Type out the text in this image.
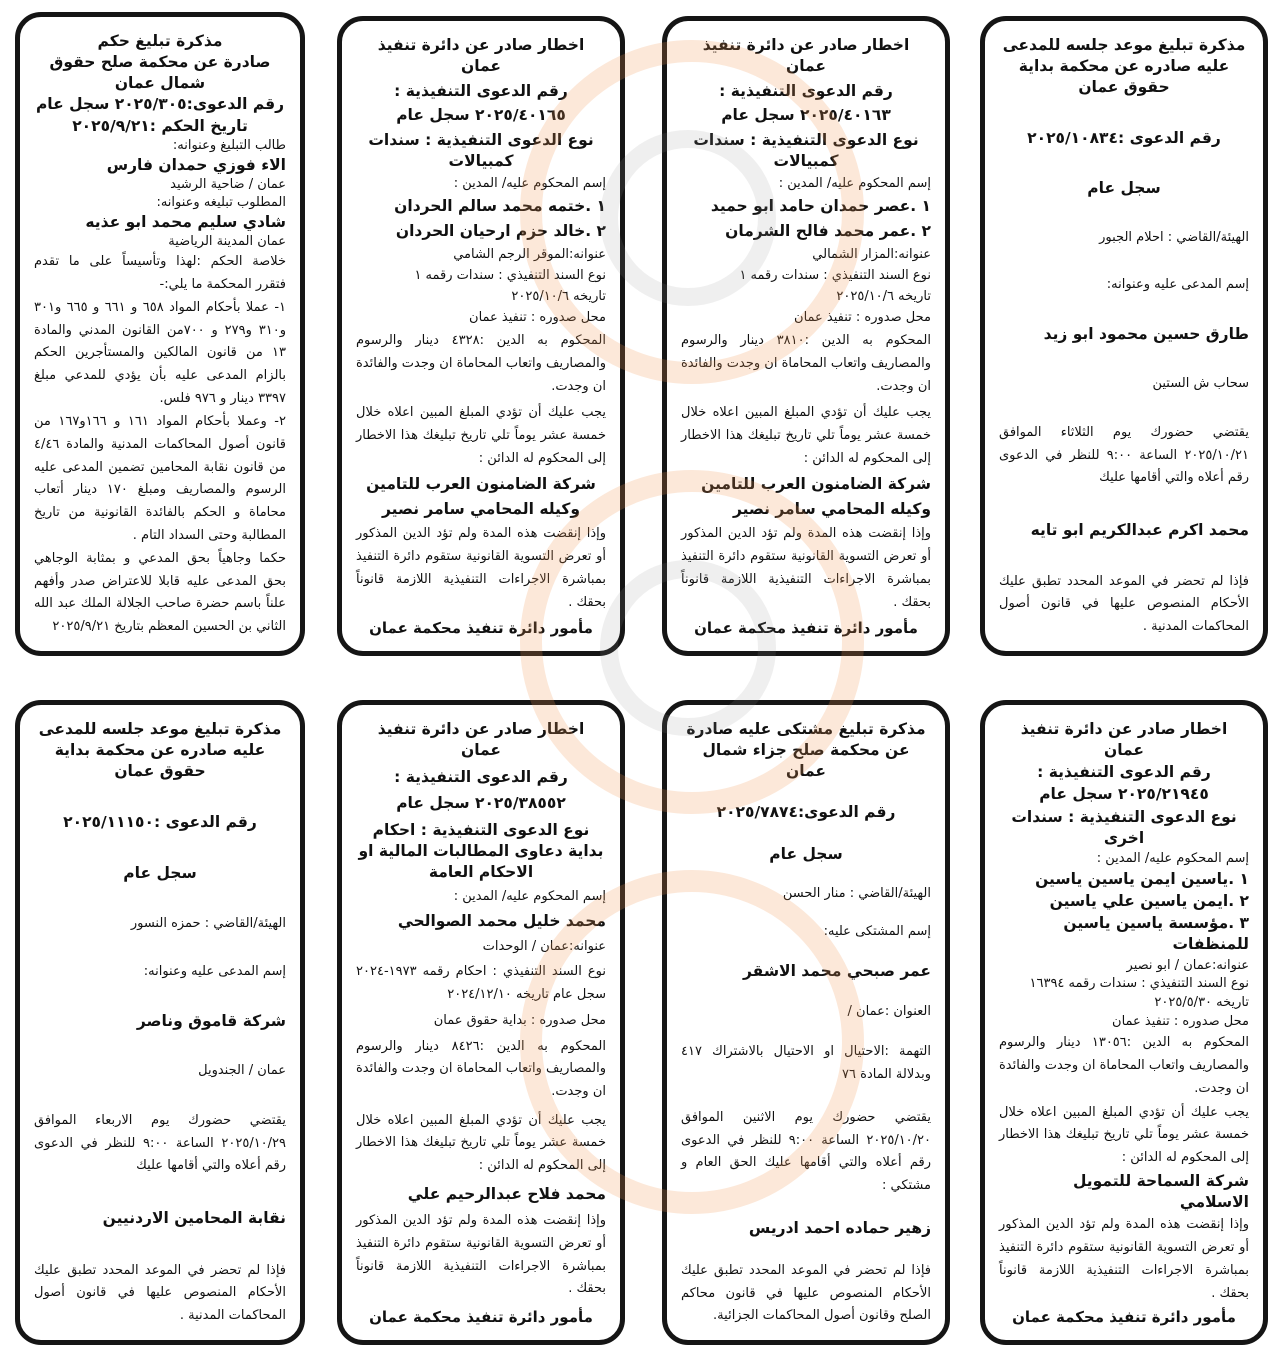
مذكرة تبليغ موعد جلسه للمدعى عليه صادره عن محكمة بداية حقوق عمان
رقم الدعوى :٢٠٢٥/١٠٨٣٤
سجل عام
الهيئة/القاضي : احلام الجبور
إسم المدعى عليه وعنوانه:
طارق حسين محمود ابو زيد
سحاب ش الستين
يقتضي حضورك يوم الثلاثاء الموافق ٢٠٢٥/١٠/٢١ الساعة ٩:٠٠ للنظر في الدعوى رقم أعلاه والتي أقامها عليك
محمد اكرم عبدالكريم ابو تايه
فإذا لم تحضر في الموعد المحدد تطبق عليك الأحكام المنصوص عليها في قانون أصول المحاكمات المدنية .
اخطار صادر عن دائرة تنفيذ عمان
رقم الدعوى التنفيذية :
٢٠٢٥/٤٠١٦٣ سجل عام
نوع الدعوى التنفيذية : سندات كمبيالات
إسم المحكوم عليه/ المدين :
١ .عصر حمدان حامد ابو حميد
٢ .عمر محمد فالح الشرمان
عنوانه:المزار الشمالي
نوع السند التنفيذي : سندات رقمه ١
تاريخه ٢٠٢٥/١٠/٦
محل صدوره : تنفيذ عمان
المحكوم به الدين :٣٨١٠ دينار والرسوم والمصاريف واتعاب المحاماة ان وجدت والفائدة ان وجدت.
يجب عليك أن تؤدي المبلغ المبين اعلاه خلال خمسة عشر يوماً تلي تاريخ تبليغك هذا الاخطار إلى المحكوم له الدائن :
شركة الضامنون العرب للتامين
وكيله المحامي سامر نصير
وإذا إنقضت هذه المدة ولم تؤد الدين المذكور أو تعرض التسوية القانونية ستقوم دائرة التنفيذ بمباشرة الاجراءات التنفيذية اللازمة قانوناً بحقك .
مأمور دائرة تنفيذ محكمة عمان
اخطار صادر عن دائرة تنفيذ عمان
رقم الدعوى التنفيذية :
٢٠٢٥/٤٠١٦٥ سجل عام
نوع الدعوى التنفيذية : سندات كمبيالات
إسم المحكوم عليه/ المدين :
١ .ختمه محمد سالم الحردان
٢ .خالد حزم ارحيان الحردان
عنوانه:الموقر الرجم الشامي
نوع السند التنفيذي : سندات رقمه ١
تاريخه ٢٠٢٥/١٠/٦
محل صدوره : تنفيذ عمان
المحكوم به الدين :٤٣٢٨ دينار والرسوم والمصاريف واتعاب المحاماة ان وجدت والفائدة ان وجدت.
يجب عليك أن تؤدي المبلغ المبين اعلاه خلال خمسة عشر يوماً تلي تاريخ تبليغك هذا الاخطار إلى المحكوم له الدائن :
شركة الضامنون العرب للتامين
وكيله المحامي سامر نصير
وإذا إنقضت هذه المدة ولم تؤد الدين المذكور أو تعرض التسوية القانونية ستقوم دائرة التنفيذ بمباشرة الاجراءات التنفيذية اللازمة قانوناً بحقك .
مأمور دائرة تنفيذ محكمة عمان
مذكرة تبليغ حكم
صادرة عن محكمة صلح حقوق شمال عمان
رقم الدعوى:٢٠٢٥/٣٠٥ سجل عام
تاريخ الحكم :٢٠٢٥/٩/٢١
طالب التبليغ وعنوانه:
الاء فوزي حمدان فارس
عمان / ضاحية الرشيد
المطلوب تبليغه وعنوانه:
شادي سليم محمد ابو عذيه
عمان المدينة الرياضية
خلاصة الحكم :لهذا وتأسيساً على ما تقدم فتقرر المحكمة ما يلي:-
١- عملا بأحكام المواد ٦٥٨ و ٦٦١ و ٦٦٥ و٣٠١ و٣١٠ و٢٧٩ و ٧٠٠من القانون المدني والمادة ١٣ من قانون المالكين والمستأجرين الحكم بالزام المدعى عليه بأن يؤدي للمدعي مبلغ ٣٣٩٧ دينار و ٩٧٦ فلس.
٢- وعملا بأحكام المواد ١٦١ و ١٦٦و١٦٧ من قانون أصول المحاكمات المدنية والمادة ٤/٤٦ من قانون نقابة المحامين تضمين المدعى عليه الرسوم والمصاريف ومبلغ ١٧٠ دينار أتعاب محاماة و الحكم بالفائدة القانونية من تاريخ المطالبة وحتى السداد التام .
حكما وجاهياً بحق المدعي و بمثابة الوجاهي بحق المدعى عليه قابلا للاعتراض صدر وأفهم علناً باسم حضرة صاحب الجلالة الملك عبد الله الثاني بن الحسين المعظم بتاريخ ٢٠٢٥/٩/٢١
اخطار صادر عن دائرة تنفيذ عمان
رقم الدعوى التنفيذية :
٢٠٢٥/٢١٩٤٥ سجل عام
نوع الدعوى التنفيذية : سندات اخرى
إسم المحكوم عليه/ المدين :
١ .ياسين ايمن ياسين ياسين
٢ .ايمن ياسين علي ياسين
٣ .مؤسسة ياسين ياسين للمنظفات
عنوانه:عمان / ابو نصير
نوع السند التنفيذي : سندات رقمه ١٦٣٩٤
تاريخه ٢٠٢٥/٥/٣٠
محل صدوره : تنفيذ عمان
المحكوم به الدين :١٣٠٥٦ دينار والرسوم والمصاريف واتعاب المحاماة ان وجدت والفائدة ان وجدت.
يجب عليك أن تؤدي المبلغ المبين اعلاه خلال خمسة عشر يوماً تلي تاريخ تبليغك هذا الاخطار إلى المحكوم له الدائن :
شركة السماحة للتمويل الاسلامي
وإذا إنقضت هذه المدة ولم تؤد الدين المذكور أو تعرض التسوية القانونية ستقوم دائرة التنفيذ بمباشرة الاجراءات التنفيذية اللازمة قانوناً بحقك .
مأمور دائرة تنفيذ محكمة عمان
مذكرة تبليغ مشتكى عليه صادرة عن محكمة صلح جزاء شمال عمان
رقم الدعوى:٢٠٢٥/٧٨٧٤
سجل عام
الهيئة/القاضي : منار الحسن
إسم المشتكى عليه:
عمر صبحي محمد الاشقر
العنوان :عمان /
التهمة :الاحتيال او الاحتيال بالاشتراك ٤١٧ وبدلالة المادة ٧٦
يقتضي حضورك يوم الاثنين الموافق ٢٠٢٥/١٠/٢٠ الساعة ٩:٠٠ للنظر في الدعوى رقم أعلاه والتي أقامها عليك الحق العام و مشتكي :
زهير حماده احمد ادريس
فإذا لم تحضر في الموعد المحدد تطبق عليك الأحكام المنصوص عليها في قانون محاكم الصلح وقانون أصول المحاكمات الجزائية.
اخطار صادر عن دائرة تنفيذ عمان
رقم الدعوى التنفيذية :
٢٠٢٥/٣٨٥٥٢ سجل عام
نوع الدعوى التنفيذية : احكام بداية دعاوى المطالبات المالية او الاحكام العامة
إسم المحكوم عليه/ المدين :
محمد خليل محمد الصوالحي
عنوانه:عمان / الوحدات
نوع السند التنفيذي : احكام رقمه ١٩٧٣-٢٠٢٤ سجل عام تاريخه ٢٠٢٤/١٢/١٠
محل صدوره : بداية حقوق عمان
المحكوم به الدين :٨٤٢٦ دينار والرسوم والمصاريف واتعاب المحاماة ان وجدت والفائدة ان وجدت.
يجب عليك أن تؤدي المبلغ المبين اعلاه خلال خمسة عشر يوماً تلي تاريخ تبليغك هذا الاخطار إلى المحكوم له الدائن :
محمد فلاح عبدالرحيم علي
وإذا إنقضت هذه المدة ولم تؤد الدين المذكور أو تعرض التسوية القانونية ستقوم دائرة التنفيذ بمباشرة الاجراءات التنفيذية اللازمة قانوناً بحقك .
مأمور دائرة تنفيذ محكمة عمان
مذكرة تبليغ موعد جلسه للمدعى عليه صادره عن محكمة بداية حقوق عمان
رقم الدعوى :٢٠٢٥/١١١٥٠
سجل عام
الهيئة/القاضي : حمزه النسور
إسم المدعى عليه وعنوانه:
شركة قاموق وناصر
عمان / الجندويل
يقتضي حضورك يوم الاربعاء الموافق ٢٠٢٥/١٠/٢٩ الساعة ٩:٠٠ للنظر في الدعوى رقم أعلاه والتي أقامها عليك
نقابة المحامين الاردنيين
فإذا لم تحضر في الموعد المحدد تطبق عليك الأحكام المنصوص عليها في قانون أصول المحاكمات المدنية .
